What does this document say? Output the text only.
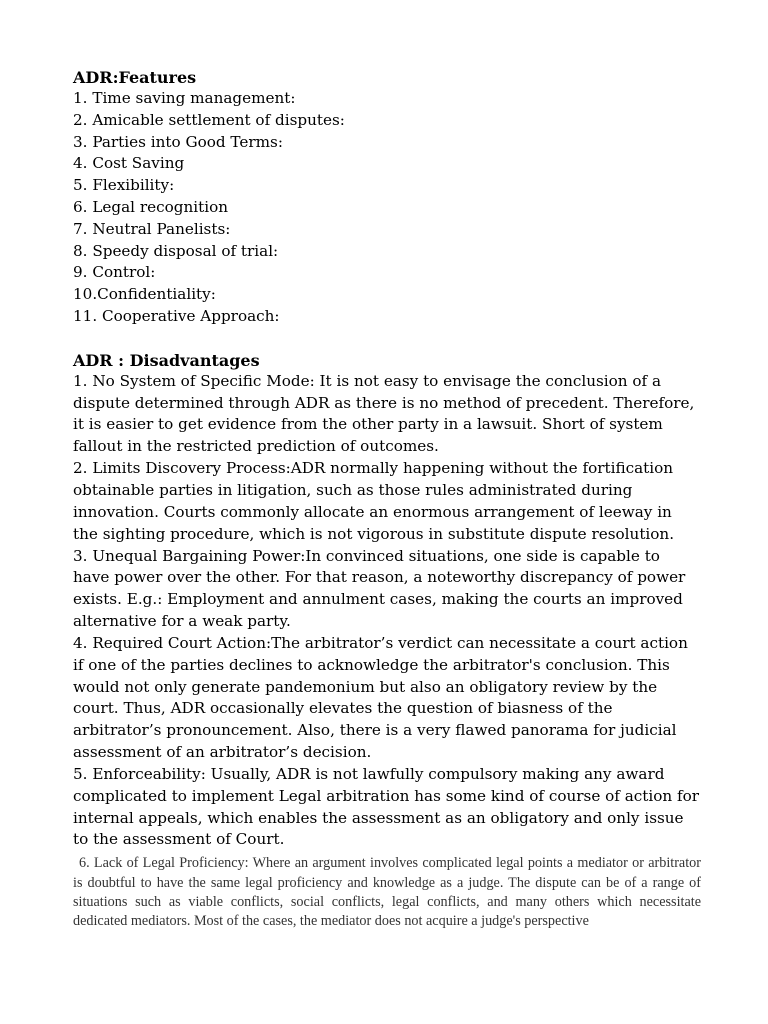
ADR:Features
1. Time saving management:
2. Amicable settlement of disputes:
3. Parties into Good Terms:
4. Cost Saving
5. Flexibility:
6. Legal recognition
7. Neutral Panelists:
8. Speedy disposal of trial:
9. Control:
10.Confidentiality:
11. Cooperative Approach:
ADR : Disadvantages

1. No System of Specific Mode: It is not easy to envisage the conclusion of a dispute determined through ADR as there is no method of precedent. Therefore, it is easier to get evidence from the other party in a lawsuit. Short of system fallout in the restricted prediction of outcomes.

2. Limits Discovery Process:ADR normally happening without the fortification obtainable parties in litigation, such as those rules administrated during innovation. Courts commonly allocate an enormous arrangement of leeway in the sighting procedure, which is not vigorous in substitute dispute resolution.

3. Unequal Bargaining Power:In convinced situations, one side is capable to have power over the other. For that reason, a noteworthy discrepancy of power exists. E.g.: Employment and annulment cases, making the courts an improved alternative for a weak party.

4. Required Court Action:The arbitrator’s verdict can necessitate a court action if one of the parties declines to acknowledge the arbitrator's conclusion. This would not only generate pandemonium but also an obligatory review by the court. Thus, ADR occasionally elevates the question of biasness of the arbitrator’s pronouncement. Also, there is a very flawed panorama for judicial assessment of an arbitrator’s decision.

5. Enforceability: Usually, ADR is not lawfully compulsory making any award complicated to implement Legal arbitration has some kind of course of action for internal appeals, which enables the assessment as an obligatory and only issue to the assessment of Court.

6. Lack of Legal Proficiency: Where an argument involves complicated legal points a mediator or arbitrator is doubtful to have the same legal proficiency and knowledge as a judge. The dispute can be of a range of situations such as viable conflicts, social conflicts, legal conflicts, and many others which necessitate dedicated mediators. Most of the cases, the mediator does not acquire a judge's perspective
